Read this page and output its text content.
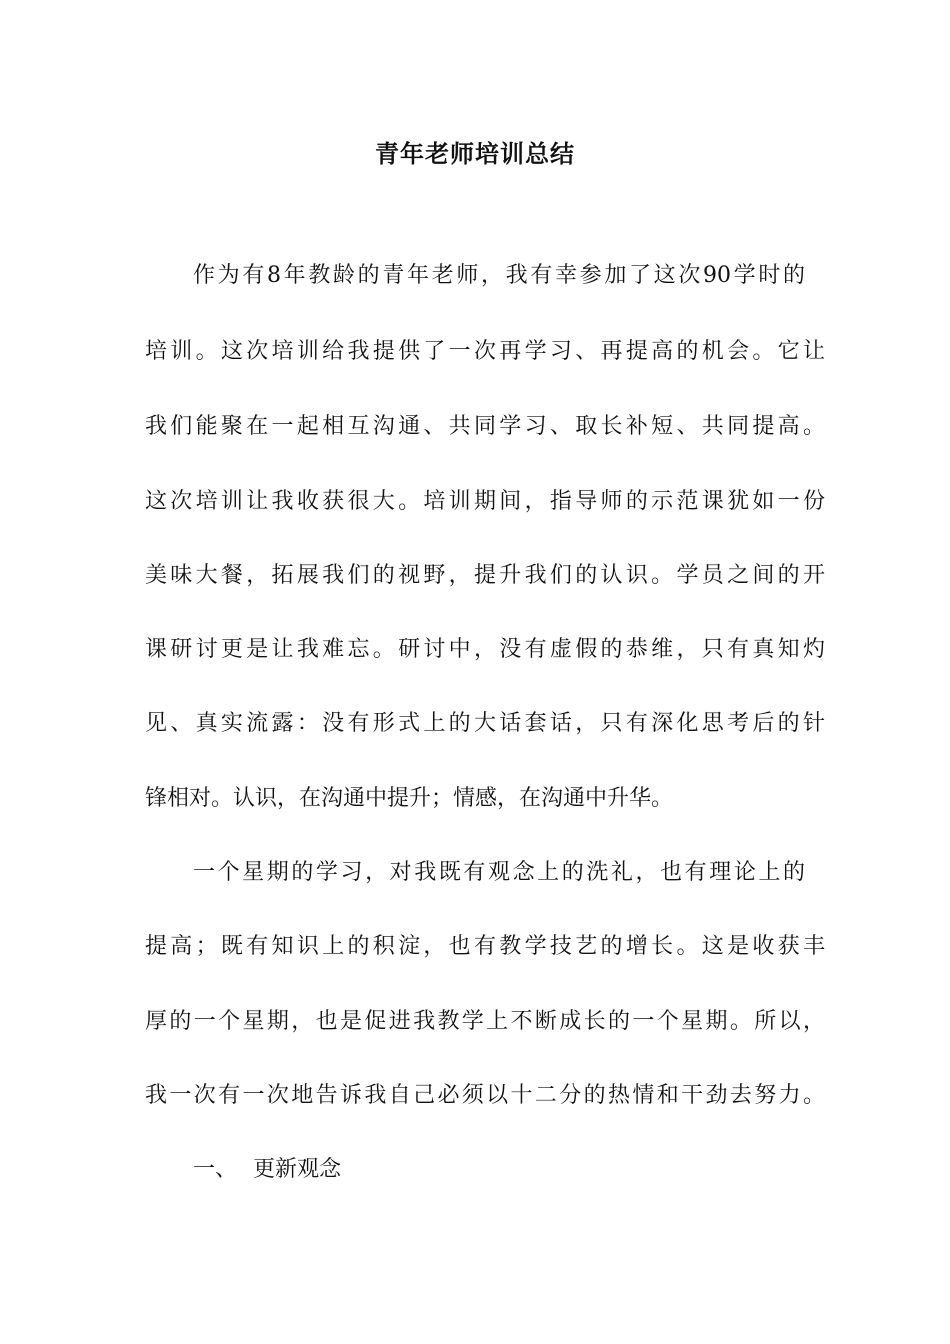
青年老师培训总结
作为有8年教龄的青年老师，我有幸参加了这次90学时的
培训。这次培训给我提供了一次再学习、再提高的机会。它让
我们能聚在一起相互沟通、共同学习、取长补短、共同提高。
这次培训让我收获很大。培训期间，指导师的示范课犹如一份
美味大餐，拓展我们的视野，提升我们的认识。学员之间的开
课研讨更是让我难忘。研讨中，没有虚假的恭维，只有真知灼
见、真实流露：没有形式上的大话套话，只有深化思考后的针
锋相对。认识，在沟通中提升；情感，在沟通中升华。
一个星期的学习，对我既有观念上的洗礼，也有理论上的
提高；既有知识上的积淀，也有教学技艺的增长。这是收获丰
厚的一个星期，也是促进我教学上不断成长的一个星期。所以，
我一次有一次地告诉我自己必须以十二分的热情和干劲去努力。
一、 更新观念
